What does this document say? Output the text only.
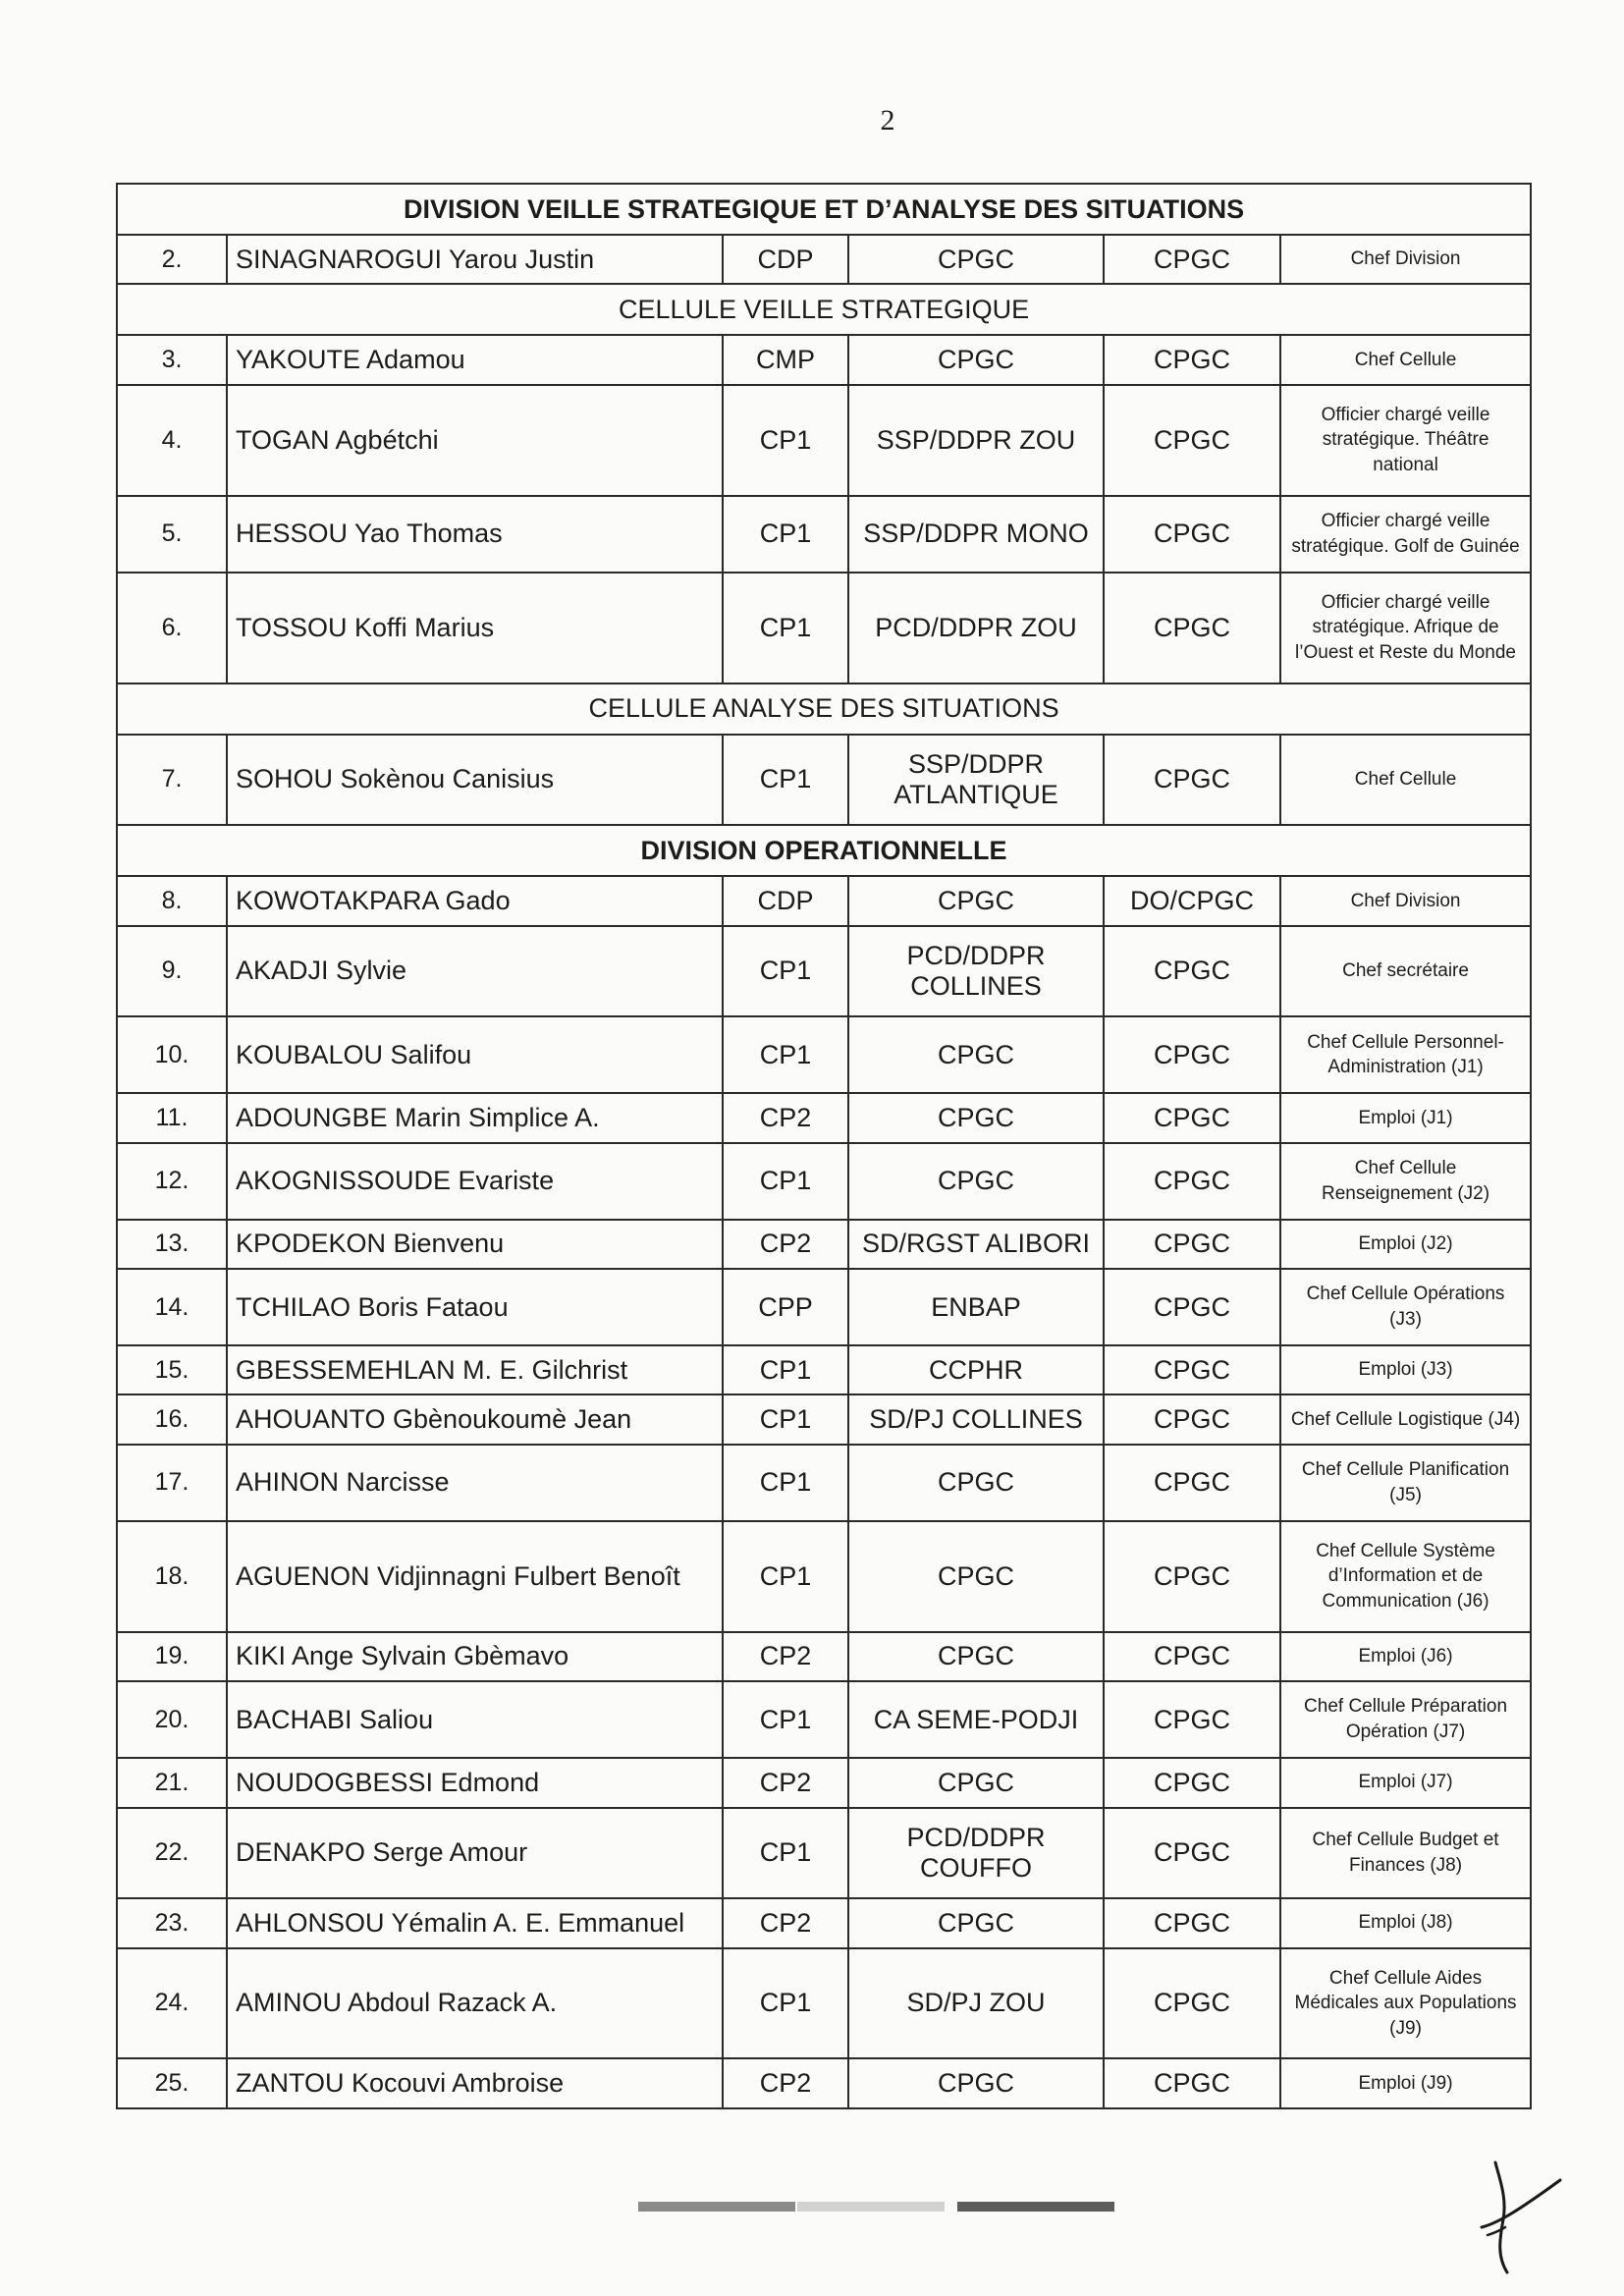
2
DIVISION VEILLE STRATEGIQUE ET D’ANALYSE DES SITUATIONS					
2.	SINAGNAROGUI Yarou Justin	CDP	CPGC	CPGC	Chef Division
CELLULE VEILLE STRATEGIQUE					
3.	YAKOUTE Adamou	CMP	CPGC	CPGC	Chef Cellule
4.	TOGAN Agbétchi	CP1	SSP/DDPR ZOU	CPGC	Officier chargé veille stratégique. Théâtre national
5.	HESSOU Yao Thomas	CP1	SSP/DDPR MONO	CPGC	Officier chargé veille stratégique. Golf de Guinée
6.	TOSSOU Koffi Marius	CP1	PCD/DDPR ZOU	CPGC	Officier chargé veille stratégique. Afrique de l’Ouest et Reste du Monde
CELLULE ANALYSE DES SITUATIONS					
7.	SOHOU Sokènou Canisius	CP1	SSP/DDPR ATLANTIQUE	CPGC	Chef Cellule
DIVISION OPERATIONNELLE					
8.	KOWOTAKPARA Gado	CDP	CPGC	DO/CPGC	Chef Division
9.	AKADJI Sylvie	CP1	PCD/DDPR COLLINES	CPGC	Chef secrétaire
10.	KOUBALOU Salifou	CP1	CPGC	CPGC	Chef Cellule Personnel-Administration (J1)
11.	ADOUNGBE Marin Simplice A.	CP2	CPGC	CPGC	Emploi (J1)
12.	AKOGNISSOUDE Evariste	CP1	CPGC	CPGC	Chef Cellule Renseignement (J2)
13.	KPODEKON Bienvenu	CP2	SD/RGST ALIBORI	CPGC	Emploi (J2)
14.	TCHILAO Boris Fataou	CPP	ENBAP	CPGC	Chef Cellule Opérations (J3)
15.	GBESSEMEHLAN M. E. Gilchrist	CP1	CCPHR	CPGC	Emploi (J3)
16.	AHOUANTO Gbènoukoumè Jean	CP1	SD/PJ COLLINES	CPGC	Chef Cellule Logistique (J4)
17.	AHINON Narcisse	CP1	CPGC	CPGC	Chef Cellule Planification (J5)
18.	AGUENON Vidjinnagni Fulbert Benoît	CP1	CPGC	CPGC	Chef Cellule Système d’Information et de Communication (J6)
19.	KIKI Ange Sylvain Gbèmavo	CP2	CPGC	CPGC	Emploi (J6)
20.	BACHABI Saliou	CP1	CA SEME-PODJI	CPGC	Chef Cellule Préparation Opération (J7)
21.	NOUDOGBESSI Edmond	CP2	CPGC	CPGC	Emploi (J7)
22.	DENAKPO Serge Amour	CP1	PCD/DDPR COUFFO	CPGC	Chef Cellule Budget et Finances (J8)
23.	AHLONSOU Yémalin A. E. Emmanuel	CP2	CPGC	CPGC	Emploi (J8)
24.	AMINOU Abdoul Razack A.	CP1	SD/PJ ZOU	CPGC	Chef Cellule Aides Médicales aux Populations (J9)
25.	ZANTOU Kocouvi Ambroise	CP2	CPGC	CPGC	Emploi (J9)
